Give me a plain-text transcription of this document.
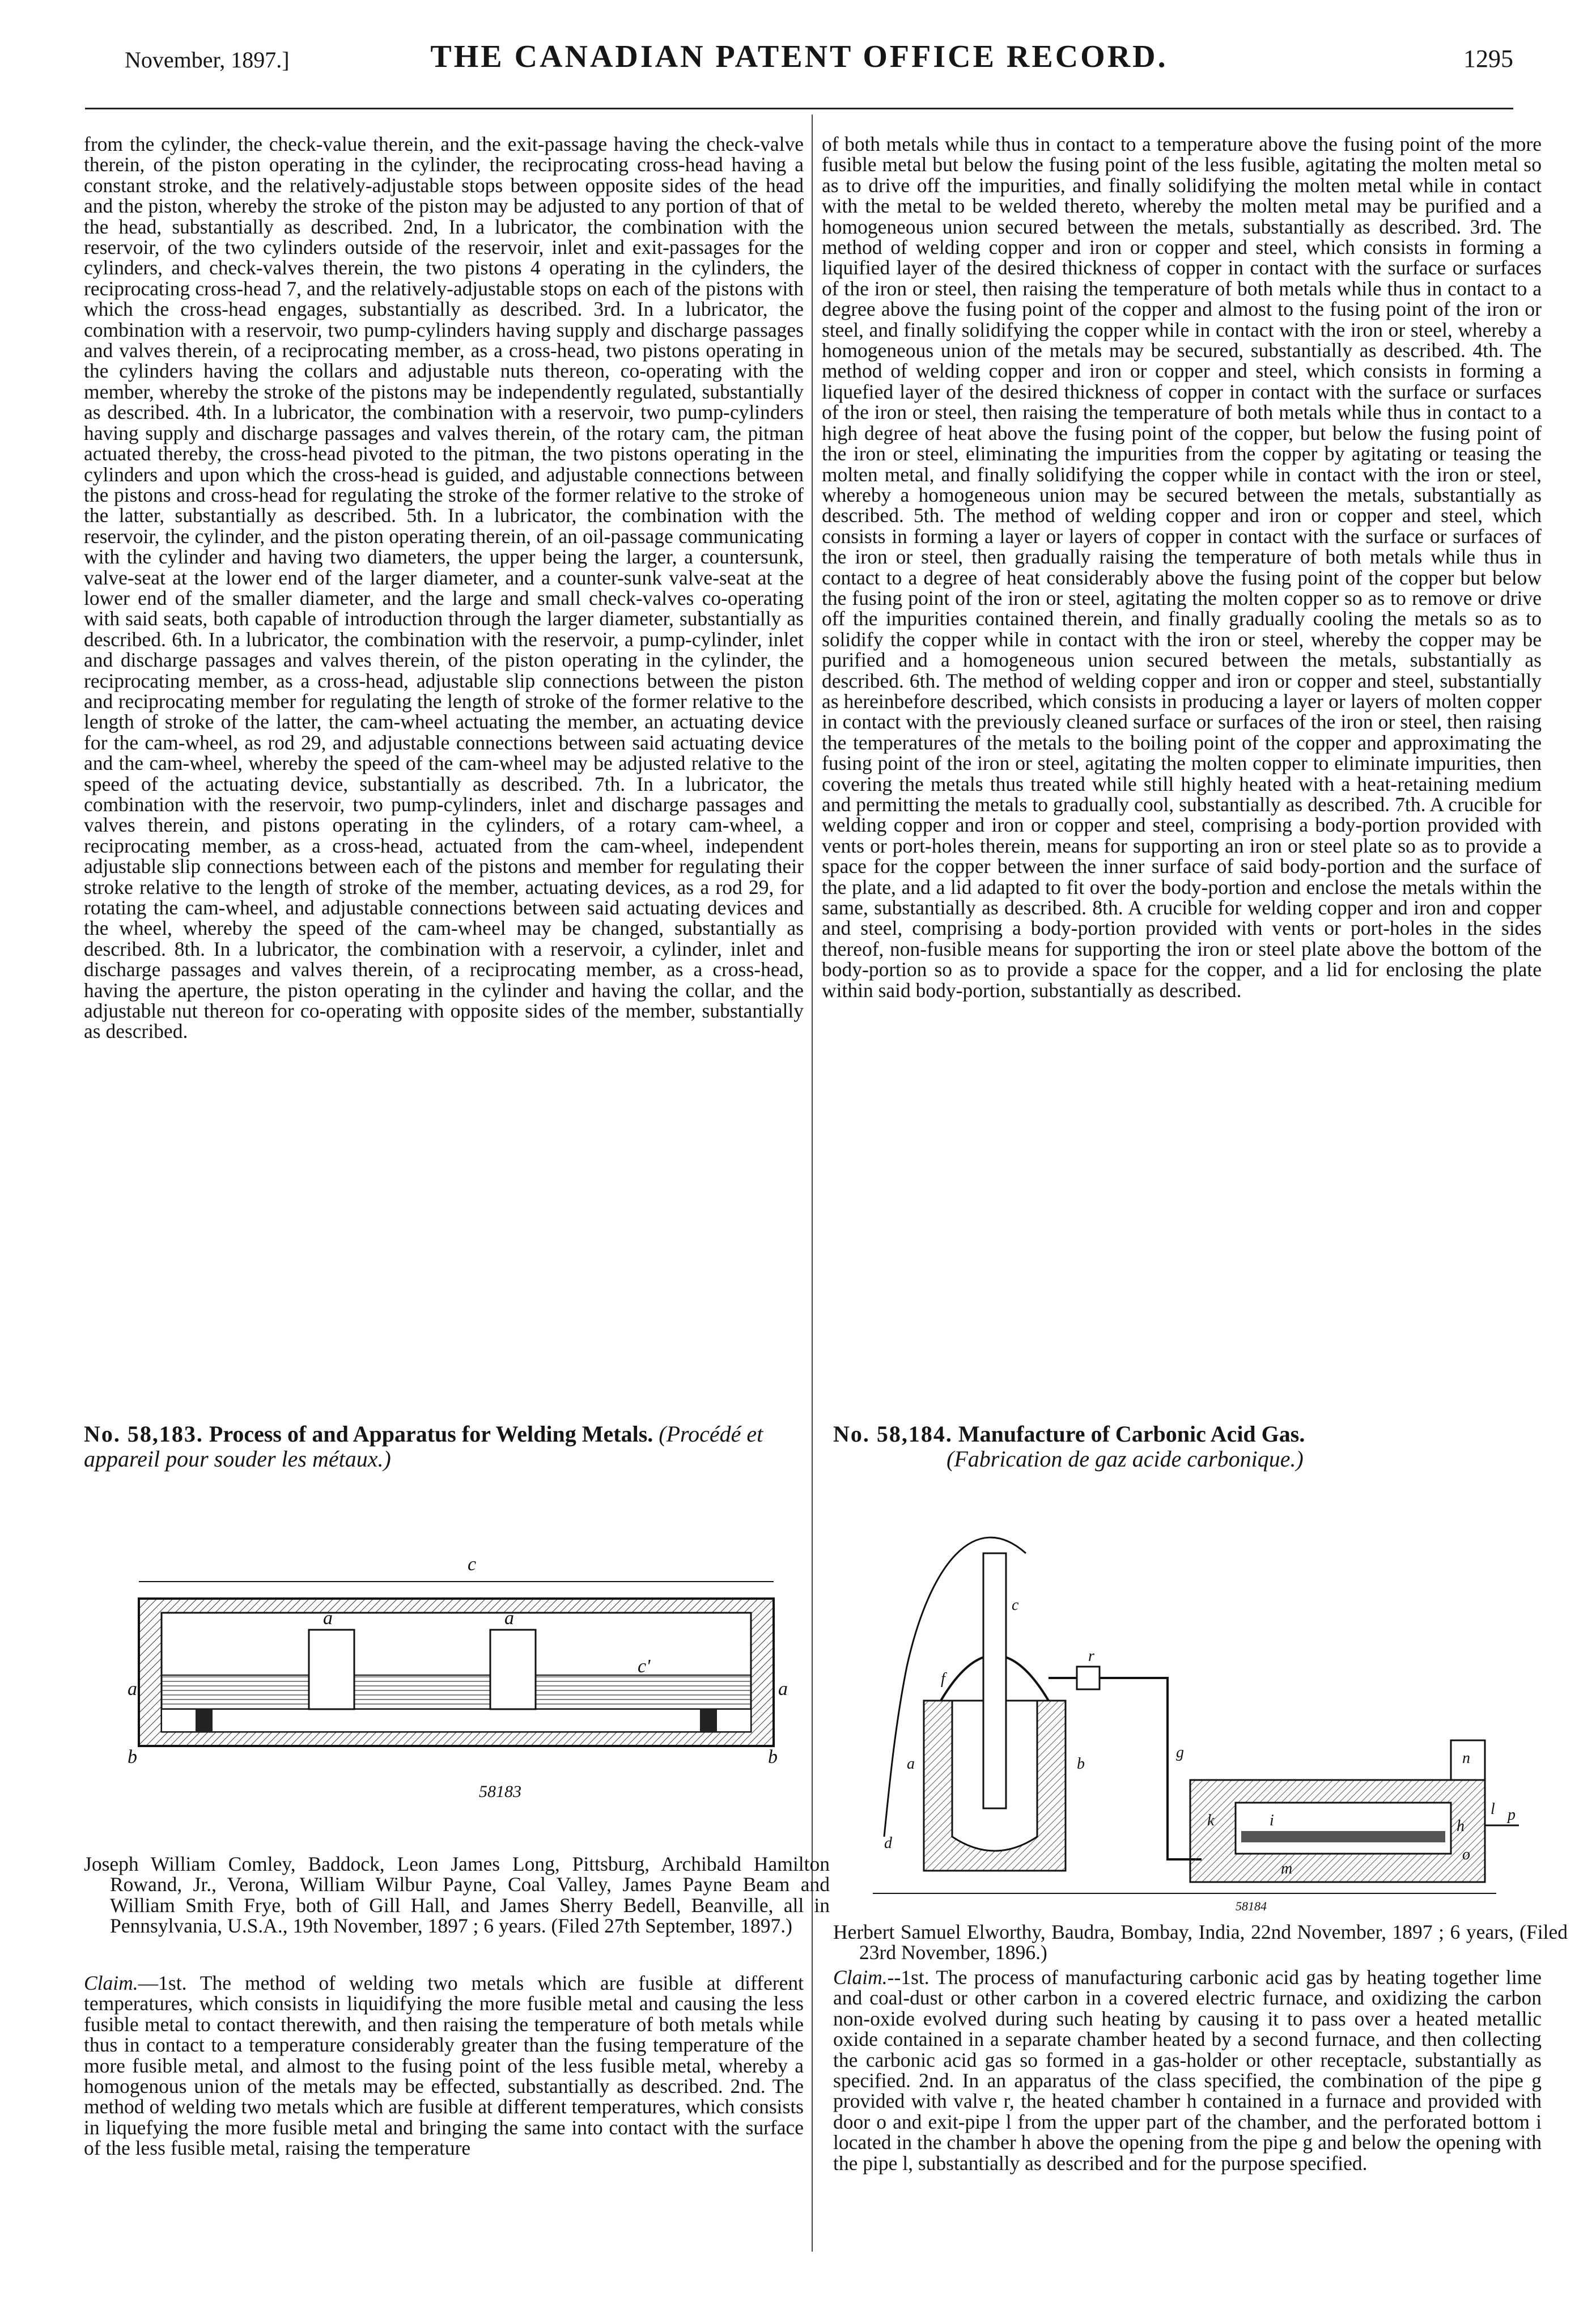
November, 1897.]	THE CANADIAN PATENT OFFICE RECORD.	1295

from the cylinder, the check-value therein, and the exit-passage having the check-valve therein, of the piston operating in the cylinder, the reciprocating cross-head having a constant stroke, and the relatively-adjustable stops between opposite sides of the head and the piston, whereby the stroke of the piston may be adjusted to any portion of that of the head, substantially as described. 2nd, In a lubricator, the combination with the reservoir, of the two cylinders outside of the reservoir, inlet and exit-passages for the cylinders, and check-valves therein, the two pistons 4 operating in the cylinders, the reciprocating cross-head 7, and the relatively-adjustable stops on each of the pistons with which the cross-head engages, substantially as described. 3rd. In a lubricator, the combination with a reservoir, two pump-cylinders having supply and discharge passages and valves therein, of a reciprocating member, as a cross-head, two pistons operating in the cylinders having the collars and adjustable nuts thereon, co-operating with the member, whereby the stroke of the pistons may be independently regulated, substantially as described. 4th. In a lubricator, the combination with a reservoir, two pump-cylinders having supply and discharge passages and valves therein, of the rotary cam, the pitman actuated thereby, the cross-head pivoted to the pitman, the two pistons operating in the cylinders and upon which the cross-head is guided, and adjustable connections between the pistons and cross-head for regulating the stroke of the former relative to the stroke of the latter, substantially as described. 5th. In a lubricator, the combination with the reservoir, the cylinder, and the piston operating therein, of an oil-passage communicating with the cylinder and having two diameters, the upper being the larger, a countersunk, valve-seat at the lower end of the larger diameter, and a counter-sunk valve-seat at the lower end of the smaller diameter, and the large and small check-valves co-operating with said seats, both capable of introduction through the larger diameter, substantially as described. 6th. In a lubricator, the combination with the reservoir, a pump-cylinder, inlet and discharge passages and valves therein, of the piston operating in the cylinder, the reciprocating member, as a cross-head, adjustable slip connections between the piston and reciprocating member for regulating the length of stroke of the former relative to the length of stroke of the latter, the cam-wheel actuating the member, an actuating device for the cam-wheel, as rod 29, and adjustable connections between said actuating device and the cam-wheel, whereby the speed of the cam-wheel may be adjusted relative to the speed of the actuating device, substantially as described. 7th. In a lubricator, the combination with the reservoir, two pump-cylinders, inlet and discharge passages and valves therein, and pistons operating in the cylinders, of a rotary cam-wheel, a reciprocating member, as a cross-head, actuated from the cam-wheel, independent adjustable slip connections between each of the pistons and member for regulating their stroke relative to the length of stroke of the member, actuating devices, as a rod 29, for rotating the cam-wheel, and adjustable connections between said actuating devices and the wheel, whereby the speed of the cam-wheel may be changed, substantially as described. 8th. In a lubricator, the combination with a reservoir, a cylinder, inlet and discharge passages and valves therein, of a reciprocating member, as a cross-head, having the aperture, the piston operating in the cylinder and having the collar, and the adjustable nut thereon for co-operating with opposite sides of the member, substantially as described.

of both metals while thus in contact to a temperature above the fusing point of the more fusible metal but below the fusing point of the less fusible, agitating the molten metal so as to drive off the impurities, and finally solidifying the molten metal while in contact with the metal to be welded thereto, whereby the molten metal may be purified and a homogeneous union secured between the metals, substantially as described. 3rd. The method of welding copper and iron or copper and steel, which consists in forming a liquified layer of the desired thickness of copper in contact with the surface or surfaces of the iron or steel, then raising the temperature of both metals while thus in contact to a degree above the fusing point of the copper and almost to the fusing point of the iron or steel, and finally solidifying the copper while in contact with the iron or steel, whereby a homogeneous union of the metals may be secured, substantially as described. 4th. The method of welding copper and iron or copper and steel, which consists in forming a liquefied layer of the desired thickness of copper in contact with the surface or surfaces of the iron or steel, then raising the temperature of both metals while thus in contact to a high degree of heat above the fusing point of the copper, but below the fusing point of the iron or steel, eliminating the impurities from the copper by agitating or teasing the molten metal, and finally solidifying the copper while in contact with the iron or steel, whereby a homogeneous union may be secured between the metals, substantially as described. 5th. The method of welding copper and iron or copper and steel, which consists in forming a layer or layers of copper in contact with the surface or surfaces of the iron or steel, then gradually raising the temperature of both metals while thus in contact to a degree of heat considerably above the fusing point of the copper but below the fusing point of the iron or steel, agitating the molten copper so as to remove or drive off the impurities contained therein, and finally gradually cooling the metals so as to solidify the copper while in contact with the iron or steel, whereby the copper may be purified and a homogeneous union secured between the metals, substantially as described. 6th. The method of welding copper and iron or copper and steel, substantially as hereinbefore described, which consists in producing a layer or layers of molten copper in contact with the previously cleaned surface or surfaces of the iron or steel, then raising the temperatures of the metals to the boiling point of the copper and approximating the fusing point of the iron or steel, agitating the molten copper to eliminate impurities, then covering the metals thus treated while still highly heated with a heat-retaining medium and permitting the metals to gradually cool, substantially as described. 7th. A crucible for welding copper and iron or copper and steel, comprising a body-portion provided with vents or port-holes therein, means for supporting an iron or steel plate so as to provide a space for the copper between the inner surface of said body-portion and the surface of the plate, and a lid adapted to fit over the body-portion and enclose the metals within the same, substantially as described. 8th. A crucible for welding copper and iron and copper and steel, comprising a body-portion provided with vents or port-holes in the sides thereof, non-fusible means for supporting the iron or steel plate above the bottom of the body-portion so as to provide a space for the copper, and a lid for enclosing the plate within said body-portion, substantially as described.

No. 58,183. Process of and Apparatus for Welding Metals. (Procédé et appareil pour souder les métaux.)
c
a	a
c'
a	a
b	b
58183
Joseph William Comley, Baddock, Leon James Long, Pittsburg, Archibald Hamilton Rowand, Jr., Verona, William Wilbur Payne, Coal Valley, James Payne Beam and William Smith Frye, both of Gill Hall, and James Sherry Bedell, Beanville, all in Pennsylvania, U.S.A., 19th November, 1897 ; 6 years. (Filed 27th September, 1897.)
Claim.—1st. The method of welding two metals which are fusible at different temperatures, which consists in liquidifying the more fusible metal and causing the less fusible metal to contact therewith, and then raising the temperature of both metals while thus in contact to a temperature considerably greater than the fusing temperature of the more fusible metal, and almost to the fusing point of the less fusible metal, whereby a homogenous union of the metals may be effected, substantially as described. 2nd. The method of welding two metals which are fusible at different temperatures, which consists in liquefying the more fusible metal and bringing the same into contact with the surface of the less fusible metal, raising the temperature
No. 58,184. Manufacture of Carbonic Acid Gas.
(Fabrication de gaz acide carbonique.)
c
r
f
a
d
b
g
h
k
l
i
m
o
p
n
58184
Herbert Samuel Elworthy, Baudra, Bombay, India, 22nd November, 1897 ; 6 years, (Filed 23rd November, 1896.)
Claim.--1st. The process of manufacturing carbonic acid gas by heating together lime and coal-dust or other carbon in a covered electric furnace, and oxidizing the carbon non-oxide evolved during such heating by causing it to pass over a heated metallic oxide contained in a separate chamber heated by a second furnace, and then collecting the carbonic acid gas so formed in a gas-holder or other receptacle, substantially as specified. 2nd. In an apparatus of the class specified, the combination of the pipe g provided with valve r, the heated chamber h contained in a furnace and provided with door o and exit-pipe l from the upper part of the chamber, and the perforated bottom i located in the chamber h above the opening from the pipe g and below the opening with the pipe l, substantially as described and for the purpose specified.
